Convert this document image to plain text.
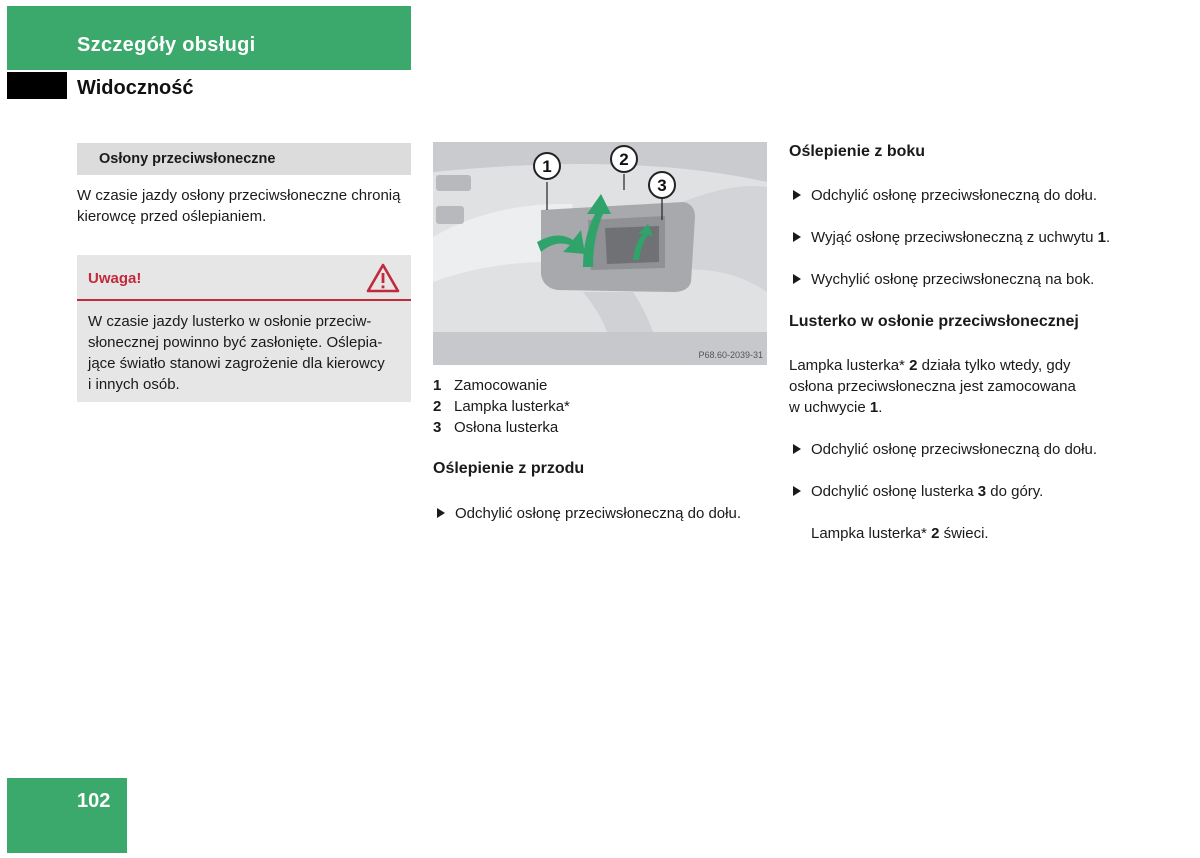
Szczegóły obsługi
Widoczność
Osłony przeciwsłoneczne
W czasie jazdy osłony przeciwsłoneczne chronią
kierowcę przed oślepianiem.
Uwaga!
W czasie jazdy lusterko w osłonie przeciw-
słonecznej powinno być zasłonięte. Oślepia-
jące światło stanowi zagrożenie dla kierowcy
i innych osób.
1	2
3
P68.60-2039-31
1 Zamocowanie
2 Lampka lusterka*
3 Osłona lusterka
Oślepienie z przodu
Odchylić osłonę przeciwsłoneczną do dołu.
Oślepienie z boku
Odchylić osłonę przeciwsłoneczną do dołu.
Wyjąć osłonę przeciwsłoneczną z uchwytu 1.
Wychylić osłonę przeciwsłoneczną na bok.
Lusterko w osłonie przeciwsłonecznej
Lampka lusterka* 2 działa tylko wtedy, gdy
osłona przeciwsłoneczna jest zamocowana
w uchwycie 1.
Odchylić osłonę przeciwsłoneczną do dołu.
Odchylić osłonę lusterka 3 do góry.
Lampka lusterka* 2 świeci.
102
